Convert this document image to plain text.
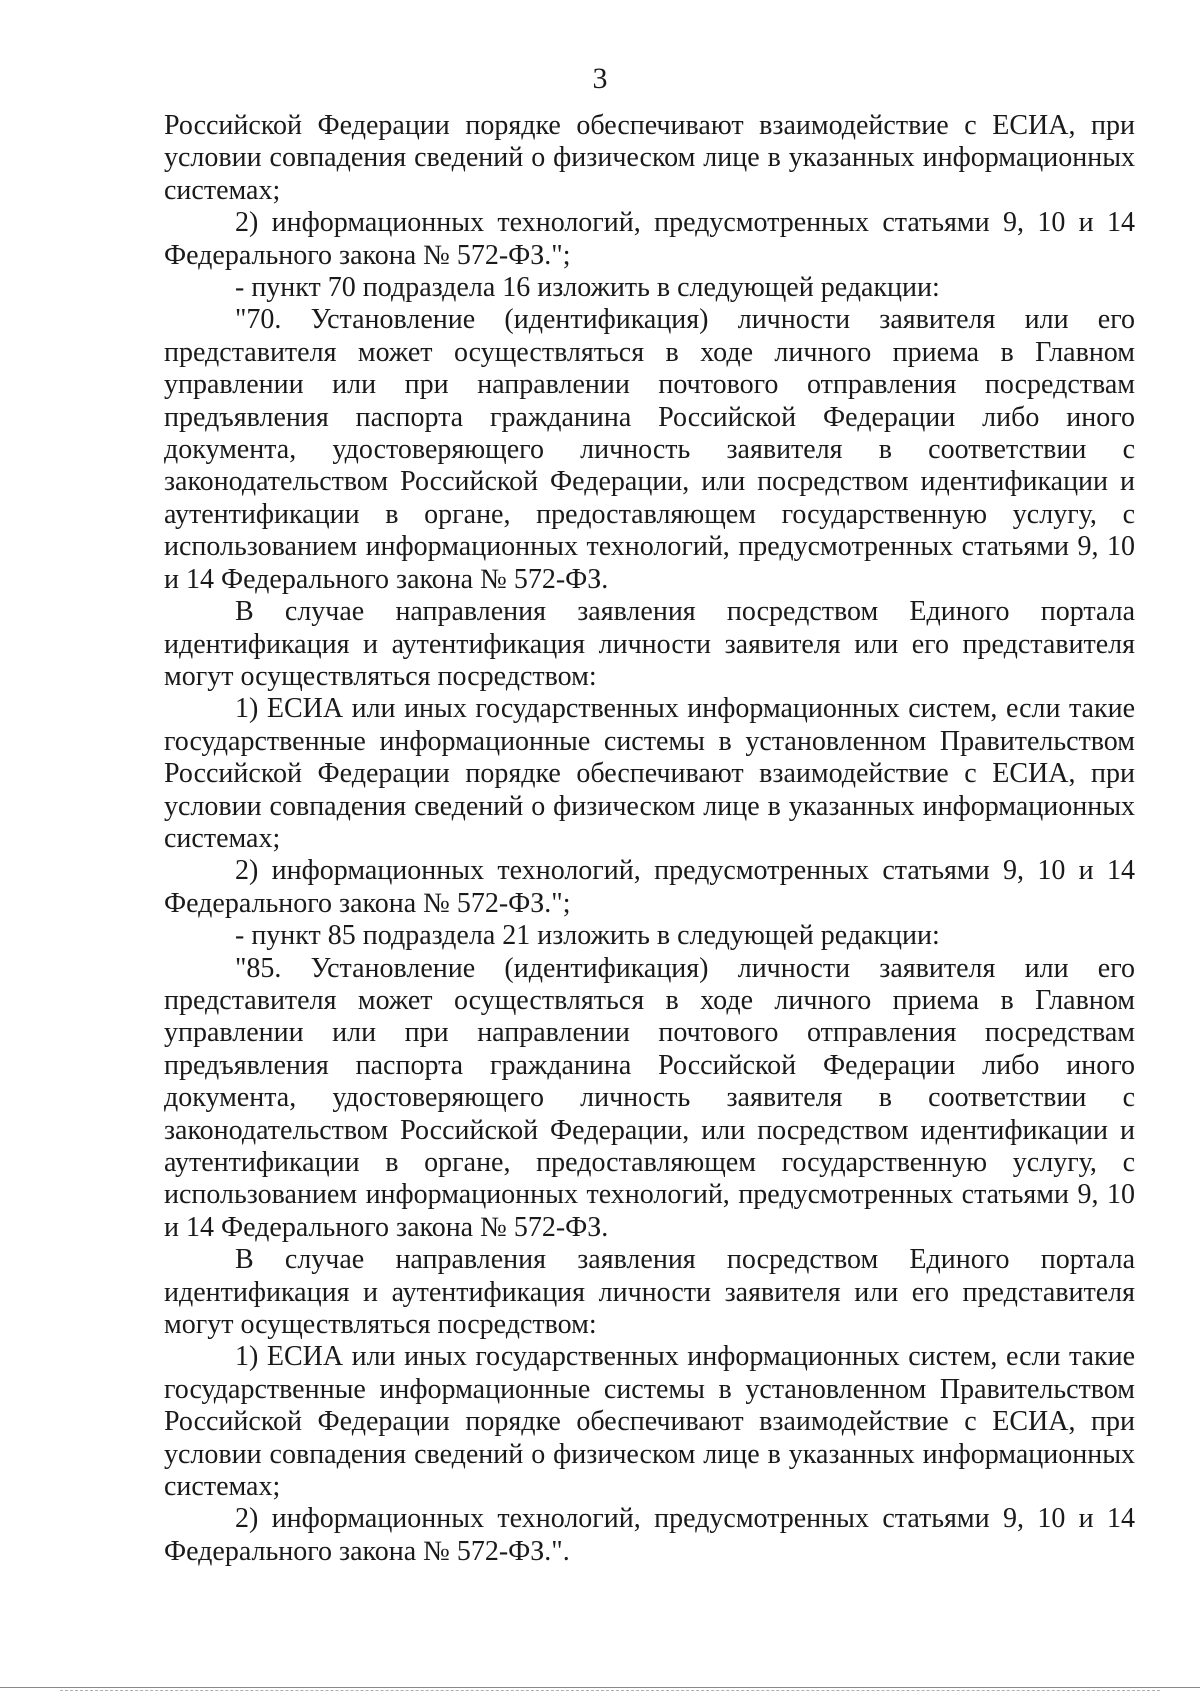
3

Российской Федерации порядке обеспечивают взаимодействие с ЕСИА, при условии совпадения сведений о физическом лице в указанных информационных системах;

2) информационных технологий, предусмотренных статьями 9, 10 и 14 Федерального закона № 572-ФЗ.";

- пункт 70 подраздела 16 изложить в следующей редакции:

"70. Установление (идентификация) личности заявителя или его представителя может осуществляться в ходе личного приема в Главном управлении или при направлении почтового отправления посредствам предъявления паспорта гражданина Российской Федерации либо иного документа, удостоверяющего личность заявителя в соответствии с законодательством Российской Федерации, или посредством идентификации и аутентификации в органе, предоставляющем государственную услугу, с использованием информационных технологий, предусмотренных статьями 9, 10 и 14 Федерального закона № 572-ФЗ.

В случае направления заявления посредством Единого портала идентификация и аутентификация личности заявителя или его представителя могут осуществляться посредством:

1) ЕСИА или иных государственных информационных систем, если такие государственные информационные системы в установленном Правительством Российской Федерации порядке обеспечивают взаимодействие с ЕСИА, при условии совпадения сведений о физическом лице в указанных информационных системах;

2) информационных технологий, предусмотренных статьями 9, 10 и 14 Федерального закона № 572-ФЗ.";

- пункт 85 подраздела 21 изложить в следующей редакции:

"85. Установление (идентификация) личности заявителя или его представителя может осуществляться в ходе личного приема в Главном управлении или при направлении почтового отправления посредствам предъявления паспорта гражданина Российской Федерации либо иного документа, удостоверяющего личность заявителя в соответствии с законодательством Российской Федерации, или посредством идентификации и аутентификации в органе, предоставляющем государственную услугу, с использованием информационных технологий, предусмотренных статьями 9, 10 и 14 Федерального закона № 572-ФЗ.

В случае направления заявления посредством Единого портала идентификация и аутентификация личности заявителя или его представителя могут осуществляться посредством:

1) ЕСИА или иных государственных информационных систем, если такие государственные информационные системы в установленном Правительством Российской Федерации порядке обеспечивают взаимодействие с ЕСИА, при условии совпадения сведений о физическом лице в указанных информационных системах;

2) информационных технологий, предусмотренных статьями 9, 10 и 14 Федерального закона № 572-ФЗ.".
